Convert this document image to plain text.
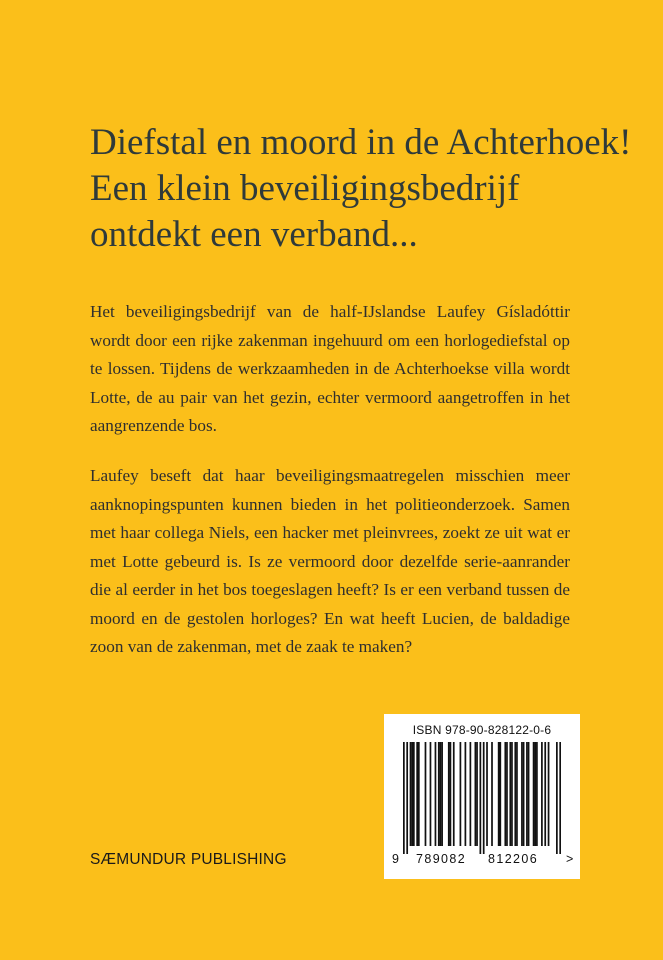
Diefstal en moord in de Achterhoek!
Een klein beveiligingsbedrijf
ontdekt een verband...

Het beveiligingsbedrijf van de half-IJslandse Laufey Gísladóttir wordt door een rijke zakenman ingehuurd om een horlogediefstal op te lossen. Tijdens de werkzaamheden in de Achterhoekse villa wordt Lotte, de au pair van het gezin, echter vermoord aangetroffen in het aangrenzende bos.

Laufey beseft dat haar beveiligingsmaatregelen misschien meer aanknopingspunten kunnen bieden in het politieonderzoek. Samen met haar collega Niels, een hacker met pleinvrees, zoekt ze uit wat er met Lotte gebeurd is. Is ze vermoord door dezelfde serie-aanrander die al eerder in het bos toegeslagen heeft? Is er een verband tussen de moord en de gestolen horloges? En wat heeft Lucien, de baldadige zoon van de zakenman, met de zaak te maken?

SÆMUNDUR PUBLISHING
ISBN 978-90-828122-0-6
9 789082 812206 >
